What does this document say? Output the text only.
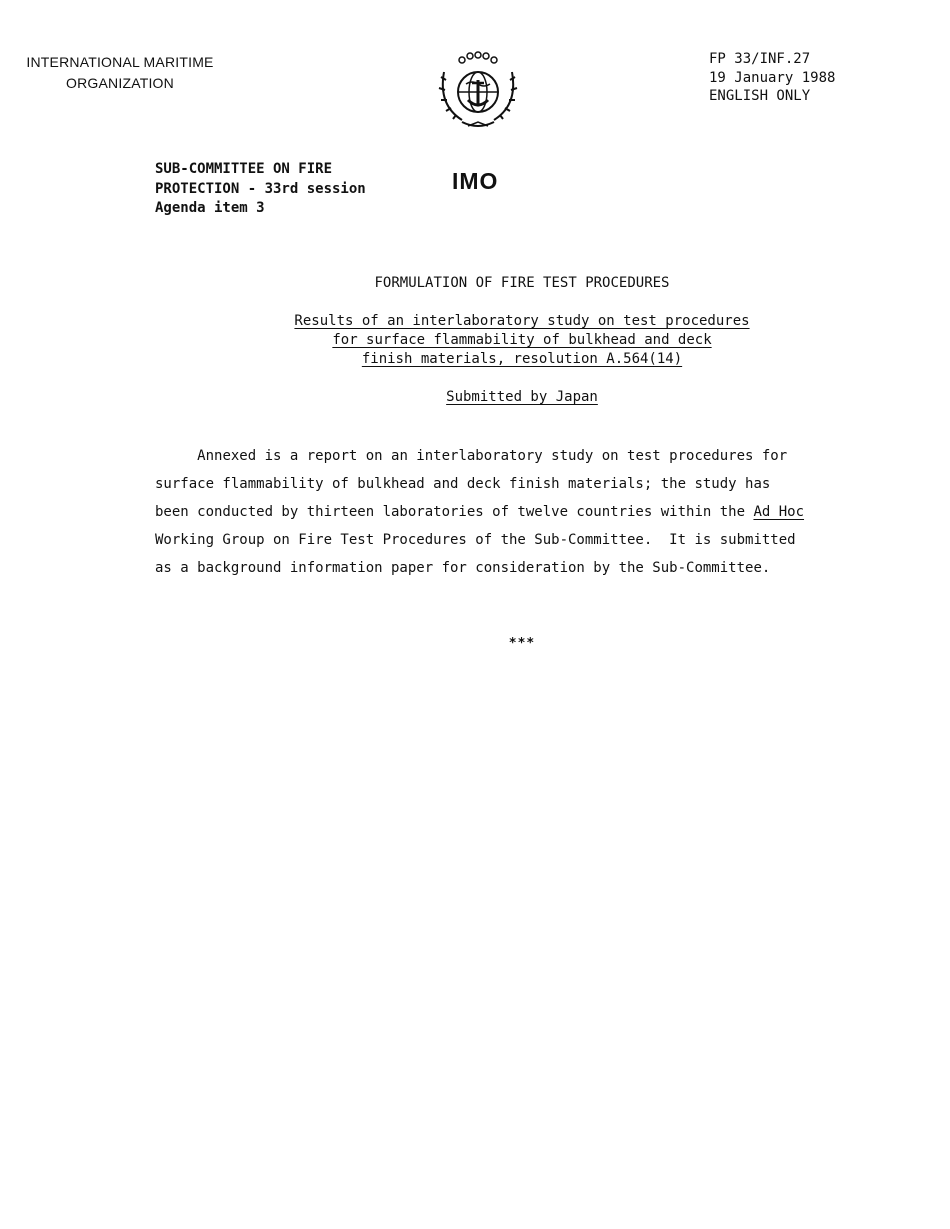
INTERNATIONAL MARITIME
ORGANIZATION
FP 33/INF.27
19 January 1988
ENGLISH ONLY
SUB-COMMITTEE ON FIRE
PROTECTION - 33rd session
Agenda item 3
IMO
FORMULATION OF FIRE TEST PROCEDURES
Results of an interlaboratory study on test procedures
for surface flammability of bulkhead and deck
finish materials, resolution A.564(14)
Submitted by Japan
Annexed is a report on an interlaboratory study on test procedures for
surface flammability of bulkhead and deck finish materials; the study has
been conducted by thirteen laboratories of twelve countries within the Ad Hoc
Working Group on Fire Test Procedures of the Sub-Committee.  It is submitted
as a background information paper for consideration by the Sub-Committee.
***
